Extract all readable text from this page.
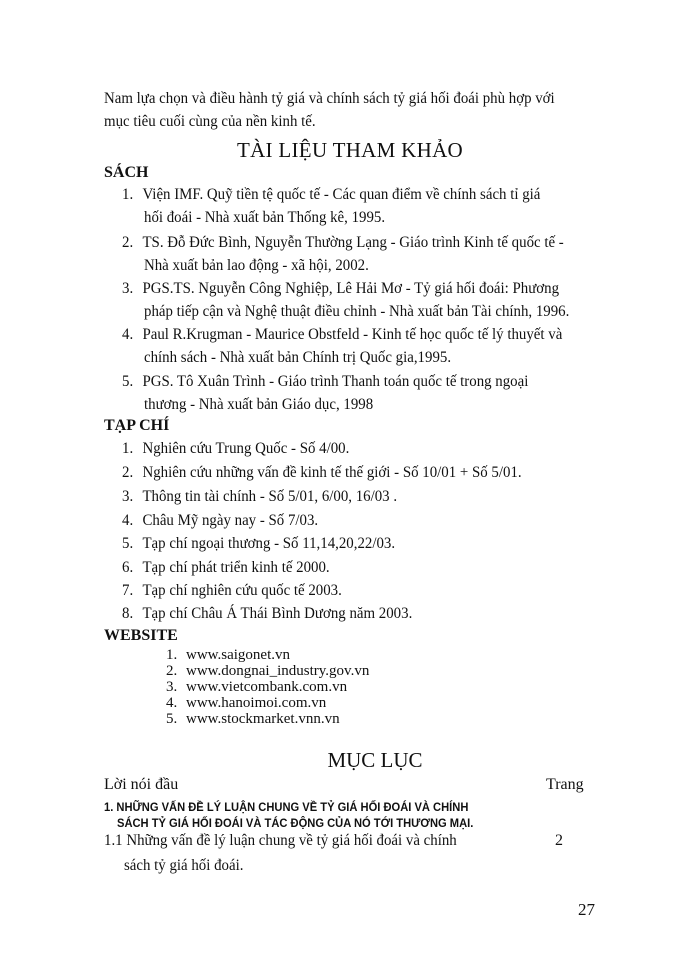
Nam lựa chọn và điều hành tỷ giá và chính sách tỷ giá hối đoái phù hợp với
mục tiêu cuối cùng của nền kinh tế.
TÀI LIỆU THAM KHẢO
SÁCH
1. Viện IMF. Quỹ tiền tệ quốc tế - Các quan điểm về chính sách tỉ giá
hối đoái - Nhà xuất bản Thống kê, 1995.
2. TS. Đỗ Đức Bình, Nguyễn Thường Lạng - Giáo trình Kinh tế quốc tế -
Nhà xuất bản lao động - xã hội, 2002.
3. PGS.TS. Nguyễn Công Nghiệp, Lê Hải Mơ - Tỷ giá hối đoái: Phương
pháp tiếp cận và Nghệ thuật điều chỉnh - Nhà xuất bản Tài chính, 1996.
4. Paul R.Krugman - Maurice Obstfeld - Kinh tế học quốc tế lý thuyết và
chính sách - Nhà xuất bản Chính trị Quốc gia,1995.
5. PGS. Tô Xuân Trình - Giáo trình Thanh toán quốc tế trong ngoại
thương - Nhà xuất bản Giáo dục, 1998
TẠP CHÍ
1. Nghiên cứu Trung Quốc - Số 4/00.
2. Nghiên cứu những vấn đề kinh tế thế giới - Số 10/01 + Số 5/01.
3. Thông tin tài chính - Số 5/01, 6/00, 16/03 .
4. Châu Mỹ ngày nay - Số 7/03.
5. Tạp chí ngoại thương - Số 11,14,20,22/03.
6. Tạp chí phát triển kinh tế 2000.
7. Tạp chí nghiên cứu quốc tế 2003.
8. Tạp chí Châu Á Thái Bình Dương năm 2003.
WEBSITE
1. www.saigonet.vn
2. www.dongnai_industry.gov.vn
3. www.vietcombank.com.vn
4. www.hanoimoi.com.vn
5. www.stockmarket.vnn.vn
MỤC LỤC
Lời nói đầu	Trang
1. NHỮNG VẤN ĐỀ LÝ LUẬN CHUNG VỀ TỶ GIÁ HỐI ĐOÁI VÀ CHÍNH
SÁCH TỶ GIÁ HỐI ĐOÁI VÀ TÁC ĐỘNG CỦA NÓ TỚI THƯƠNG MẠI.
1.1 Những vấn đề lý luận chung về tỷ giá hối đoái và chính	2
sách tỷ giá hối đoái.
27
